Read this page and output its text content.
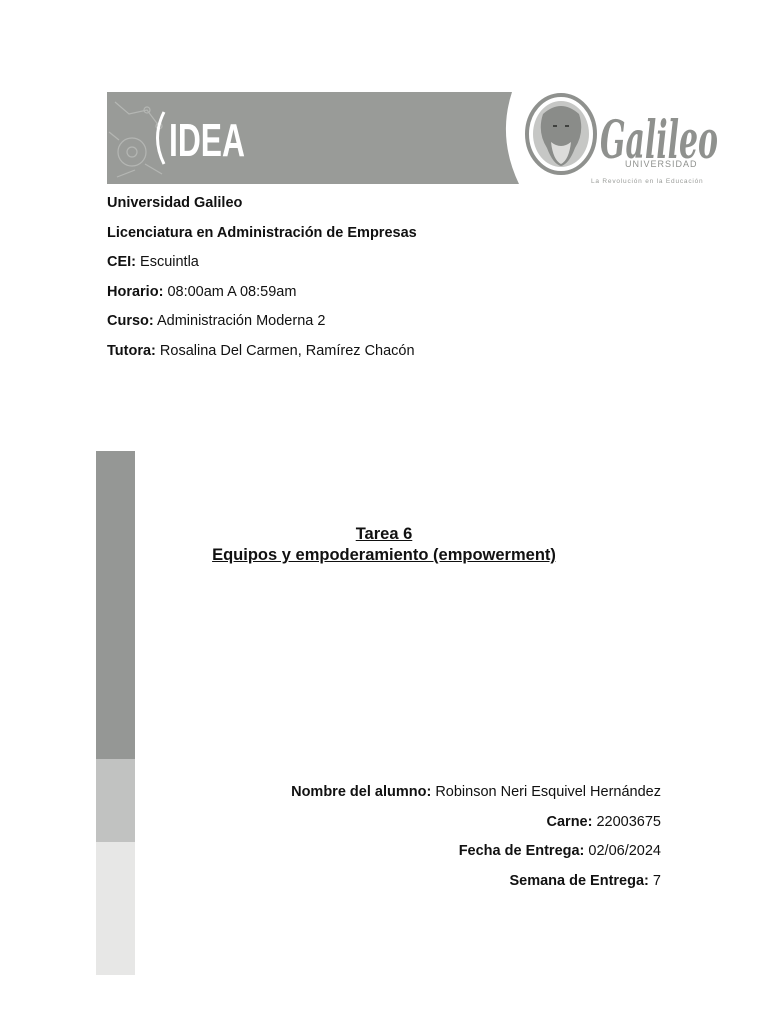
IDEA	Galileo
UNIVERSIDAD
La Revolución en la Educación
Universidad Galileo
Licenciatura en Administración de Empresas
CEI: Escuintla
Horario: 08:00am A 08:59am
Curso: Administración Moderna 2
Tutora: Rosalina Del Carmen, Ramírez Chacón
Tarea 6
Equipos y empoderamiento (empowerment)
Nombre del alumno: Robinson Neri Esquivel Hernández
Carne: 22003675
Fecha de Entrega: 02/06/2024
Semana de Entrega: 7
